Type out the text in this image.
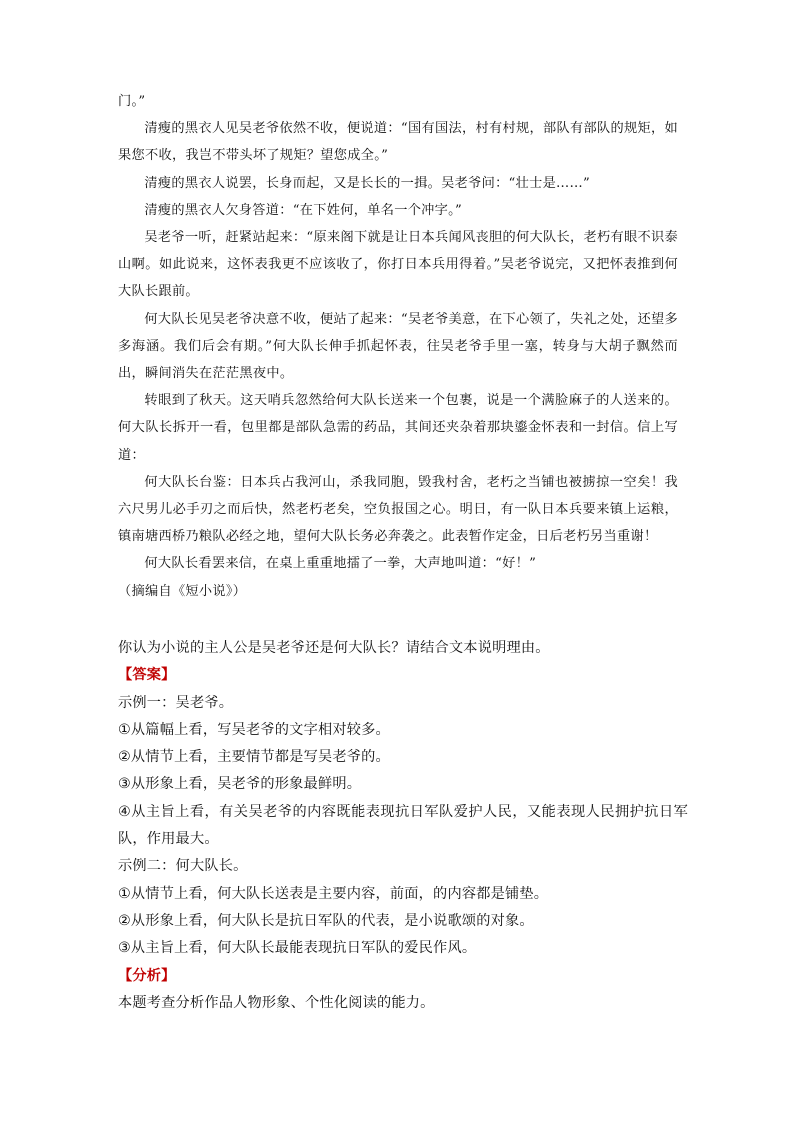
门。”

清瘦的黑衣人见吴老爷依然不收，便说道：“国有国法，村有村规，部队有部队的规矩，如果您不收，我岂不带头坏了规矩？望您成全。”

清瘦的黑衣人说罢，长身而起，又是长长的一揖。吴老爷问：“壮士是……”

清瘦的黑衣人欠身答道：“在下姓何，单名一个冲字。”

吴老爷一听，赶紧站起来：“原来阁下就是让日本兵闻风丧胆的何大队长，老朽有眼不识泰山啊。如此说来，这怀表我更不应该收了，你打日本兵用得着。”吴老爷说完，又把怀表推到何大队长跟前。

何大队长见吴老爷决意不收，便站了起来：“吴老爷美意，在下心领了，失礼之处，还望多多海涵。我们后会有期。”何大队长伸手抓起怀表，往吴老爷手里一塞，转身与大胡子飘然而出，瞬间消失在茫茫黑夜中。

转眼到了秋天。这天哨兵忽然给何大队长送来一个包裹，说是一个满脸麻子的人送来的。何大队长拆开一看，包里都是部队急需的药品，其间还夹杂着那块鎏金怀表和一封信。信上写道：

何大队长台鉴：日本兵占我河山，杀我同胞，毁我村舍，老朽之当铺也被掳掠一空矣！我六尺男儿必手刃之而后快，然老朽老矣，空负报国之心。明日，有一队日本兵要来镇上运粮，镇南塘西桥乃粮队必经之地，望何大队长务必奔袭之。此表暂作定金，日后老朽另当重谢！

何大队长看罢来信，在桌上重重地擂了一拳，大声地叫道：“好！”

（摘编自《短小说》）

你认为小说的主人公是吴老爷还是何大队长？请结合文本说明理由。

【答案】

示例一：吴老爷。

①从篇幅上看，写吴老爷的文字相对较多。

②从情节上看，主要情节都是写吴老爷的。

③从形象上看，吴老爷的形象最鲜明。

④从主旨上看，有关吴老爷的内容既能表现抗日军队爱护人民，又能表现人民拥护抗日军队，作用最大。

示例二：何大队长。

①从情节上看，何大队长送表是主要内容，前面，的内容都是铺垫。

②从形象上看，何大队长是抗日军队的代表，是小说歌颂的对象。

③从主旨上看，何大队长最能表现抗日军队的爱民作风。

【分析】

本题考查分析作品人物形象、个性化阅读的能力。
